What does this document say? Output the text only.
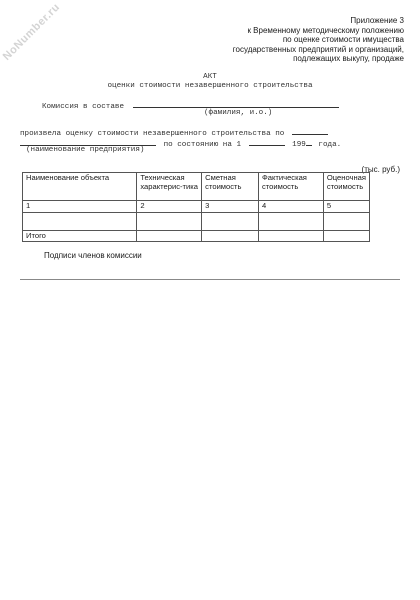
NoNumber.ru	Приложение 3
к Временному методическому положению
по оценке стоимости имущества
государственных предприятий и организаций,
подлежащих выкупу, продаже
АКТ
оценки стоимости незавершенного строительства
Комиссия в составе
(фамилия, и.о.)
произвела оценку стоимости незавершенного строительства по
по состоянию на 1	199 года.
(наименование предприятия)
(тыс. руб.)
Наименование объекта	Техническая характерис-тика	Сметная стоимость	Фактическая стоимость	Оценочная стоимость
1	2	3	4	5

Итого				
Подписи членов комиссии
